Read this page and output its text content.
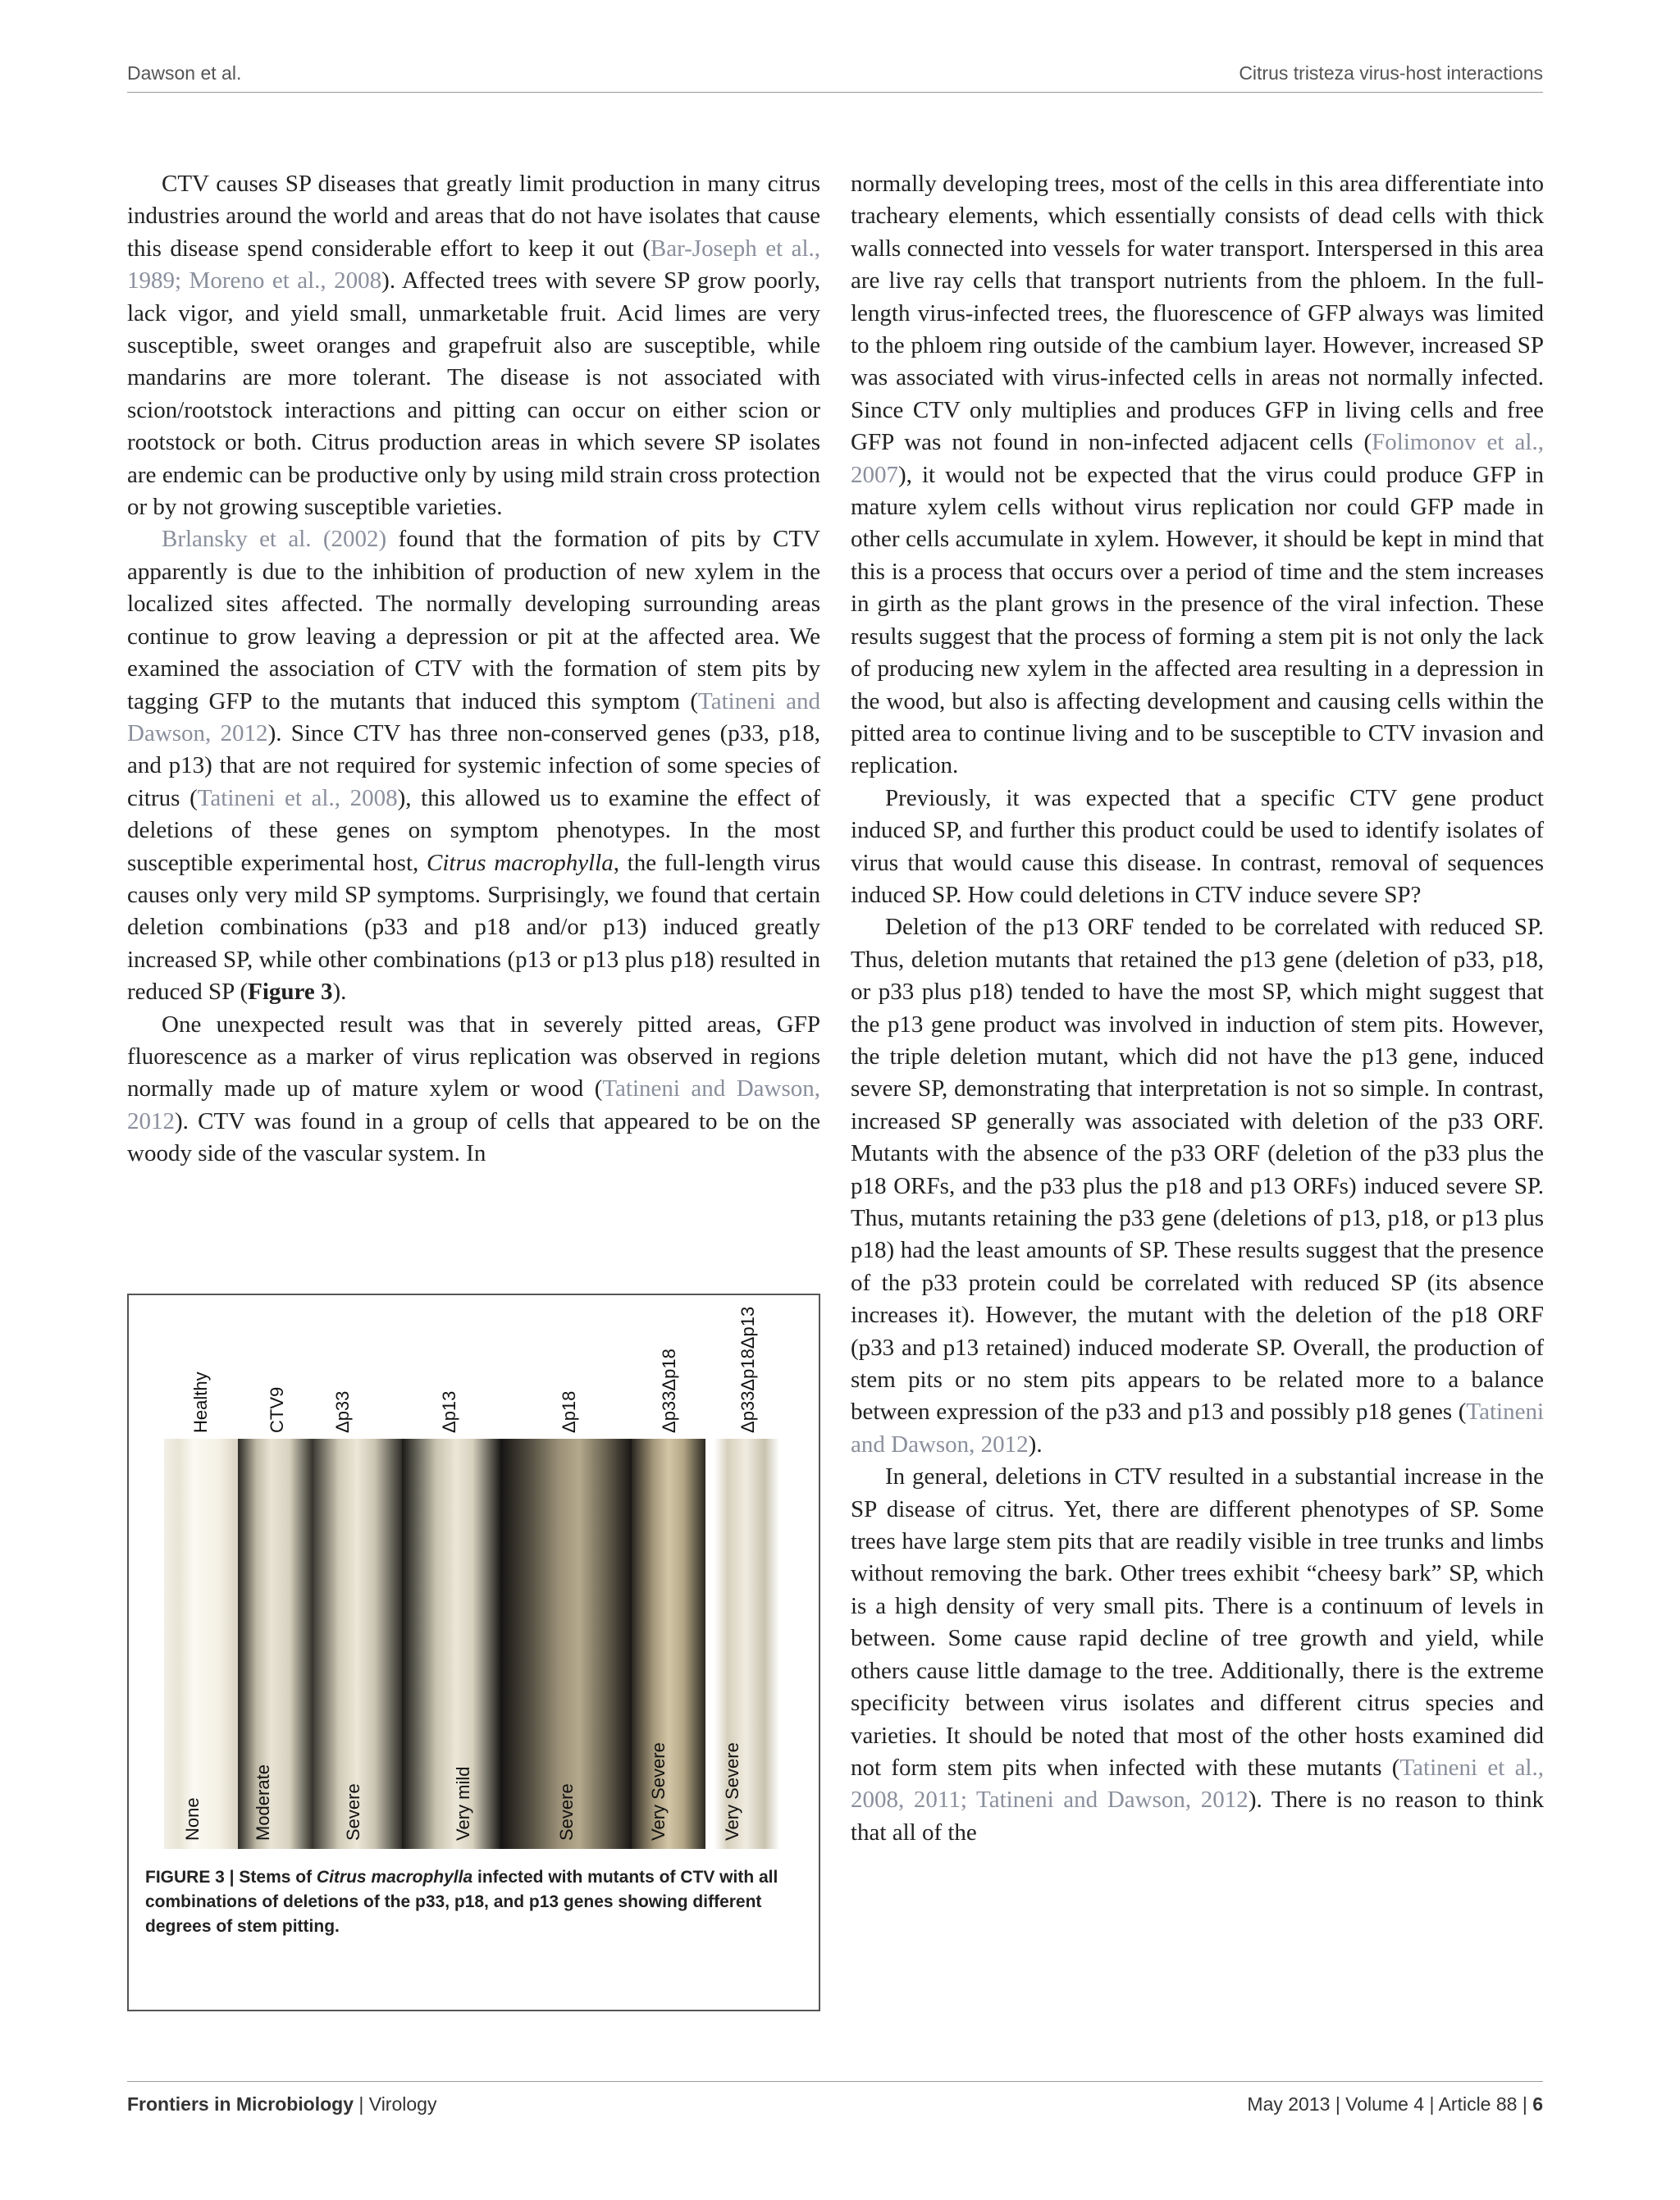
Dawson et al.	Citrus tristeza virus-host interactions

CTV causes SP diseases that greatly limit production in many citrus industries around the world and areas that do not have isolates that cause this disease spend considerable effort to keep it out (Bar-Joseph et al., 1989; Moreno et al., 2008). Affected trees with severe SP grow poorly, lack vigor, and yield small, unmarketable fruit. Acid limes are very susceptible, sweet oranges and grapefruit also are susceptible, while mandarins are more tolerant. The disease is not associated with scion/rootstock interactions and pitting can occur on either scion or rootstock or both. Citrus production areas in which severe SP isolates are endemic can be productive only by using mild strain cross protection or by not growing susceptible varieties.

Brlansky et al. (2002) found that the formation of pits by CTV apparently is due to the inhibition of production of new xylem in the localized sites affected. The normally developing surrounding areas continue to grow leaving a depression or pit at the affected area. We examined the association of CTV with the formation of stem pits by tagging GFP to the mutants that induced this symptom (Tatineni and Dawson, 2012). Since CTV has three non-conserved genes (p33, p18, and p13) that are not required for systemic infection of some species of citrus (Tatineni et al., 2008), this allowed us to examine the effect of deletions of these genes on symptom phenotypes. In the most susceptible experimental host, Citrus macrophylla, the full-length virus causes only very mild SP symptoms. Surprisingly, we found that certain deletion combinations (p33 and p18 and/or p13) induced greatly increased SP, while other combinations (p13 or p13 plus p18) resulted in reduced SP (Figure 3).

One unexpected result was that in severely pitted areas, GFP fluorescence as a marker of virus replication was observed in regions normally made up of mature xylem or wood (Tatineni and Dawson, 2012). CTV was found in a group of cells that appeared to be on the woody side of the vascular system. In

normally developing trees, most of the cells in this area differentiate into tracheary elements, which essentially consists of dead cells with thick walls connected into vessels for water transport. Interspersed in this area are live ray cells that transport nutrients from the phloem. In the full-length virus-infected trees, the fluorescence of GFP always was limited to the phloem ring outside of the cambium layer. However, increased SP was associated with virus-infected cells in areas not normally infected. Since CTV only multiplies and produces GFP in living cells and free GFP was not found in non-infected adjacent cells (Folimonov et al., 2007), it would not be expected that the virus could produce GFP in mature xylem cells without virus replication nor could GFP made in other cells accumulate in xylem. However, it should be kept in mind that this is a process that occurs over a period of time and the stem increases in girth as the plant grows in the presence of the viral infection. These results suggest that the process of forming a stem pit is not only the lack of producing new xylem in the affected area resulting in a depression in the wood, but also is affecting development and causing cells within the pitted area to continue living and to be susceptible to CTV invasion and replication.

Previously, it was expected that a specific CTV gene product induced SP, and further this product could be used to identify isolates of virus that would cause this disease. In contrast, removal of sequences induced SP. How could deletions in CTV induce severe SP?

Deletion of the p13 ORF tended to be correlated with reduced SP. Thus, deletion mutants that retained the p13 gene (deletion of p33, p18, or p33 plus p18) tended to have the most SP, which might suggest that the p13 gene product was involved in induction of stem pits. However, the triple deletion mutant, which did not have the p13 gene, induced severe SP, demonstrating that interpretation is not so simple. In contrast, increased SP generally was associated with deletion of the p33 ORF. Mutants with the absence of the p33 ORF (deletion of the p33 plus the p18 ORFs, and the p33 plus the p18 and p13 ORFs) induced severe SP. Thus, mutants retaining the p33 gene (deletions of p13, p18, or p13 plus p18) had the least amounts of SP. These results suggest that the presence of the p33 protein could be correlated with reduced SP (its absence increases it). However, the mutant with the deletion of the p18 ORF (p33 and p13 retained) induced moderate SP. Overall, the production of stem pits or no stem pits appears to be related more to a balance between expression of the p33 and p13 and possibly p18 genes (Tatineni and Dawson, 2012).

In general, deletions in CTV resulted in a substantial increase in the SP disease of citrus. Yet, there are different phenotypes of SP. Some trees have large stem pits that are readily visible in tree trunks and limbs without removing the bark. Other trees exhibit “cheesy bark” SP, which is a high density of very small pits. There is a continuum of levels in between. Some cause rapid decline of tree growth and yield, while others cause little damage to the tree. Additionally, there is the extreme specificity between virus isolates and different citrus species and varieties. It should be noted that most of the other hosts examined did not form stem pits when infected with these mutants (Tatineni et al., 2008, 2011; Tatineni and Dawson, 2012). There is no reason to think that all of the

None	Moderate	Severe	Very mild	Severe	Very Severe	Very Severe
Healthy	CTV9	Δp33	Δp13	Δp18	Δp33Δp18	Δp33Δp18Δp13
FIGURE 3 | Stems of Citrus macrophylla infected with mutants of CTV with all combinations of deletions of the p33, p18, and p13 genes showing different degrees of stem pitting.
Frontiers in Microbiology | Virology	May 2013 | Volume 4 | Article 88 | 6
